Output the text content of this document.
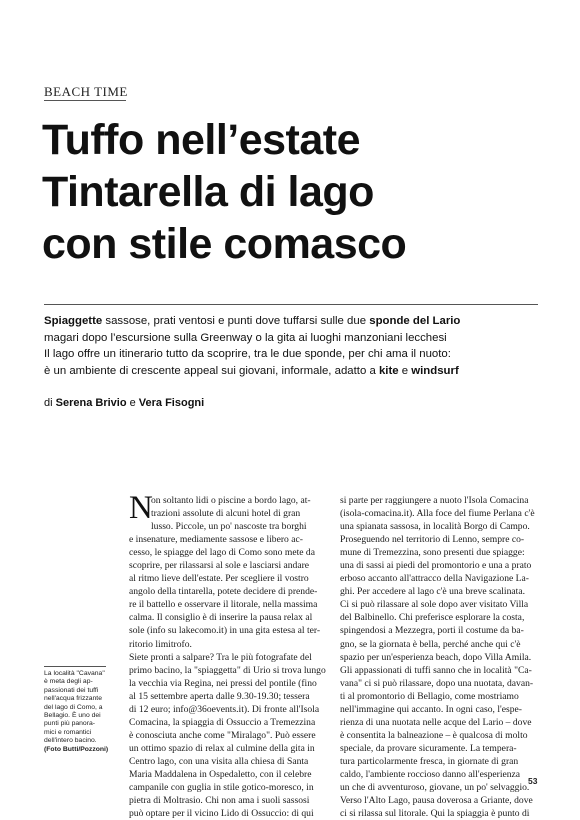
BEACH TIME
Tuffo nell’estate
Tintarella di lago
con stile comasco
Spiaggette sassose, prati ventosi e punti dove tuffarsi sulle due sponde del Lario
magari dopo l’escursione sulla Greenway o la gita ai luoghi manzoniani lecchesi
Il lago offre un itinerario tutto da scoprire, tra le due sponde, per chi ama il nuoto:
è un ambiente di crescente appeal sui giovani, informale, adatto a kite e windsurf
di Serena Brivio e Vera Fisogni
N
on soltanto lidi o piscine a bordo lago, at-
trazioni assolute di alcuni hotel di gran
lusso. Piccole, un po' nascoste tra borghi
e insenature, mediamente sassose e libero ac-
cesso, le spiagge del lago di Como sono mete da
scoprire, per rilassarsi al sole e lasciarsi andare
al ritmo lieve dell'estate. Per scegliere il vostro
angolo della tintarella, potete decidere di prende-
re il battello e osservare il litorale, nella massima
calma. Il consiglio è di inserire la pausa relax al
sole (info su lakecomo.it) in una gita estesa al ter-
ritorio limitrofo.
Siete pronti a salpare? Tra le più fotografate del
primo bacino, la "spiaggetta" di Urio si trova lungo
la vecchia via Regina, nei pressi del pontile (fino
al 15 settembre aperta dalle 9.30-19.30; tessera
di 12 euro; info@36oevents.it). Di fronte all'Isola
Comacina, la spiaggia di Ossuccio a Tremezzina
è conosciuta anche come "Miralago". Può essere
un ottimo spazio di relax al culmine della gita in
Centro lago, con una visita alla chiesa di Santa
Maria Maddalena in Ospedaletto, con il celebre
campanile con guglia in stile gotico-moresco, in
pietra di Moltrasio. Chi non ama i suoli sassosi
può optare per il vicino Lido di Ossuccio: di qui
si parte per raggiungere a nuoto l'Isola Comacina
(isola-comacina.it). Alla foce del fiume Perlana c'è
una spianata sassosa, in località Borgo di Campo.
Proseguendo nel territorio di Lenno, sempre co-
mune di Tremezzina, sono presenti due spiagge:
una di sassi ai piedi del promontorio e una a prato
erboso accanto all'attracco della Navigazione La-
ghi. Per accedere al lago c'è una breve scalinata.
Ci si può rilassare al sole dopo aver visitato Villa
del Balbinello. Chi preferisce esplorare la costa,
spingendosi a Mezzegra, porti il costume da ba-
gno, se la giornata è bella, perché anche qui c'è
spazio per un'esperienza beach, dopo Villa Amila.
Gli appassionati di tuffi sanno che in località "Ca-
vana" ci si può rilassare, dopo una nuotata, davan-
ti al promontorio di Bellagio, come mostriamo
nell'immagine qui accanto. In ogni caso, l'espe-
rienza di una nuotata nelle acque del Lario – dove
è consentita la balneazione – è qualcosa di molto
speciale, da provare sicuramente. La tempera-
tura particolarmente fresca, in giornate di gran
caldo, l'ambiente roccioso danno all'esperienza
un che di avventuroso, giovane, un po' selvaggio.
Verso l'Alto Lago, pausa doverosa a Griante, dove
ci si rilassa sul litorale. Qui la spiaggia è punto di
La località "Cavana"
è meta degli ap-
passionati dei tuffi
nell'acqua frizzante
del lago di Como, a
Bellagio. È uno dei
punti più panora-
mici e romantici
dell'intero bacino.
(Foto Butti/Pozzoni)
53
